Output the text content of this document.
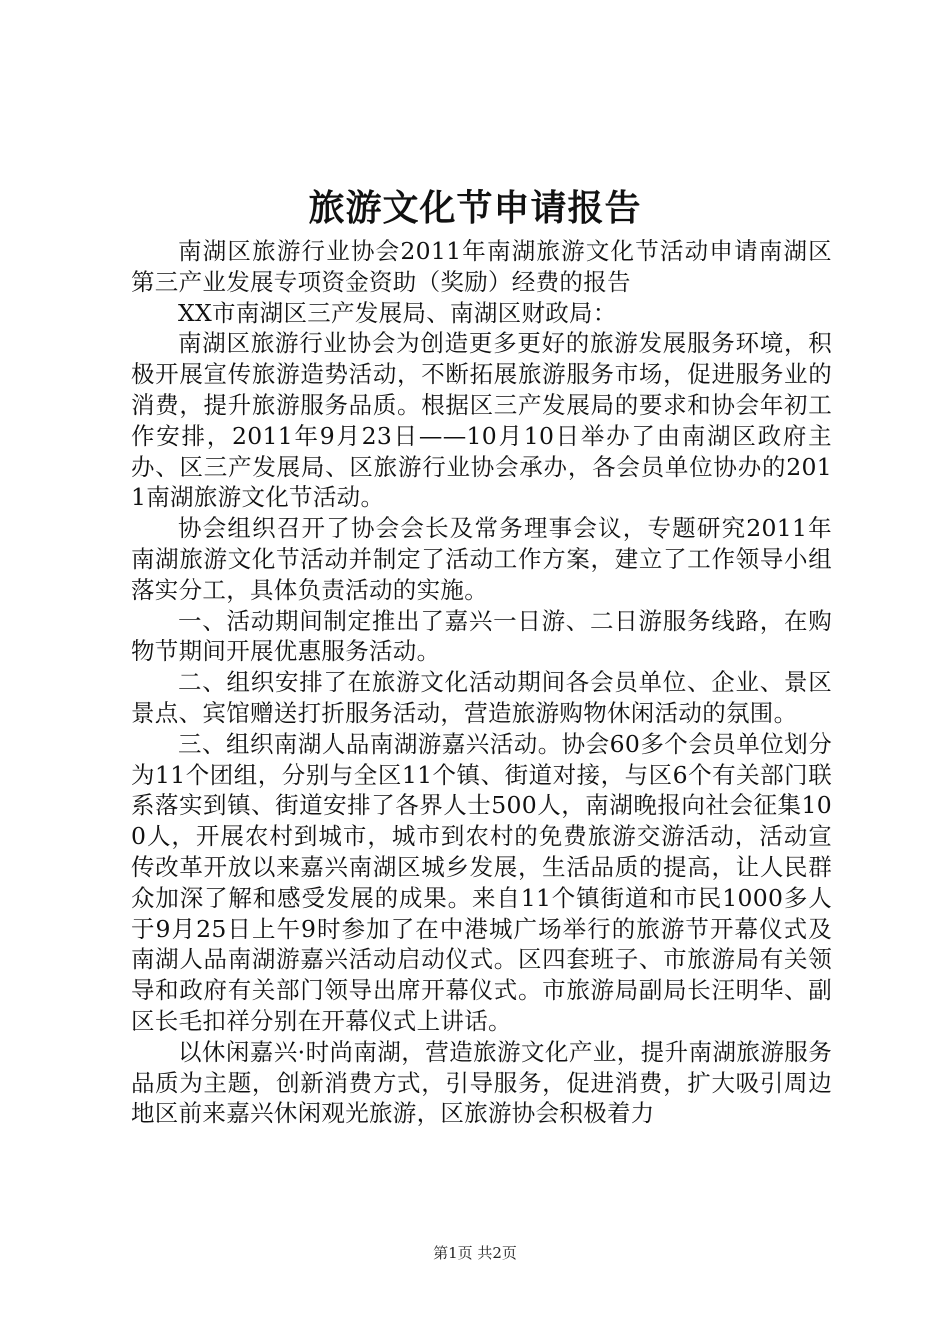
旅游文化节申请报告

南湖区旅游行业协会2011年南湖旅游文化节活动申请南湖区第三产业发展专项资金资助（奖励）经费的报告

XX市南湖区三产发展局、南湖区财政局：

南湖区旅游行业协会为创造更多更好的旅游发展服务环境，积极开展宣传旅游造势活动，不断拓展旅游服务市场，促进服务业的消费，提升旅游服务品质。根据区三产发展局的要求和协会年初工作安排，2011年9月23日——10月10日举办了由南湖区政府主办、区三产发展局、区旅游行业协会承办，各会员单位协办的2011南湖旅游文化节活动。

协会组织召开了协会会长及常务理事会议，专题研究2011年南湖旅游文化节活动并制定了活动工作方案，建立了工作领导小组落实分工，具体负责活动的实施。

一、活动期间制定推出了嘉兴一日游、二日游服务线路，在购物节期间开展优惠服务活动。

二、组织安排了在旅游文化活动期间各会员单位、企业、景区景点、宾馆赠送打折服务活动，营造旅游购物休闲活动的氛围。

三、组织南湖人品南湖游嘉兴活动。协会60多个会员单位划分为11个团组，分别与全区11个镇、街道对接，与区6个有关部门联系落实到镇、街道安排了各界人士500人，南湖晚报向社会征集100人，开展农村到城市，城市到农村的免费旅游交游活动，活动宣传改革开放以来嘉兴南湖区城乡发展，生活品质的提高，让人民群众加深了解和感受发展的成果。来自11个镇街道和市民1000多人于9月25日上午9时参加了在中港城广场举行的旅游节开幕仪式及南湖人品南湖游嘉兴活动启动仪式。区四套班子、市旅游局有关领导和政府有关部门领导出席开幕仪式。市旅游局副局长汪明华、副区长毛扣祥分别在开幕仪式上讲话。

以休闲嘉兴·时尚南湖，营造旅游文化产业，提升南湖旅游服务品质为主题，创新消费方式，引导服务，促进消费，扩大吸引周边地区前来嘉兴休闲观光旅游，区旅游协会积极着力

第1页 共2页
